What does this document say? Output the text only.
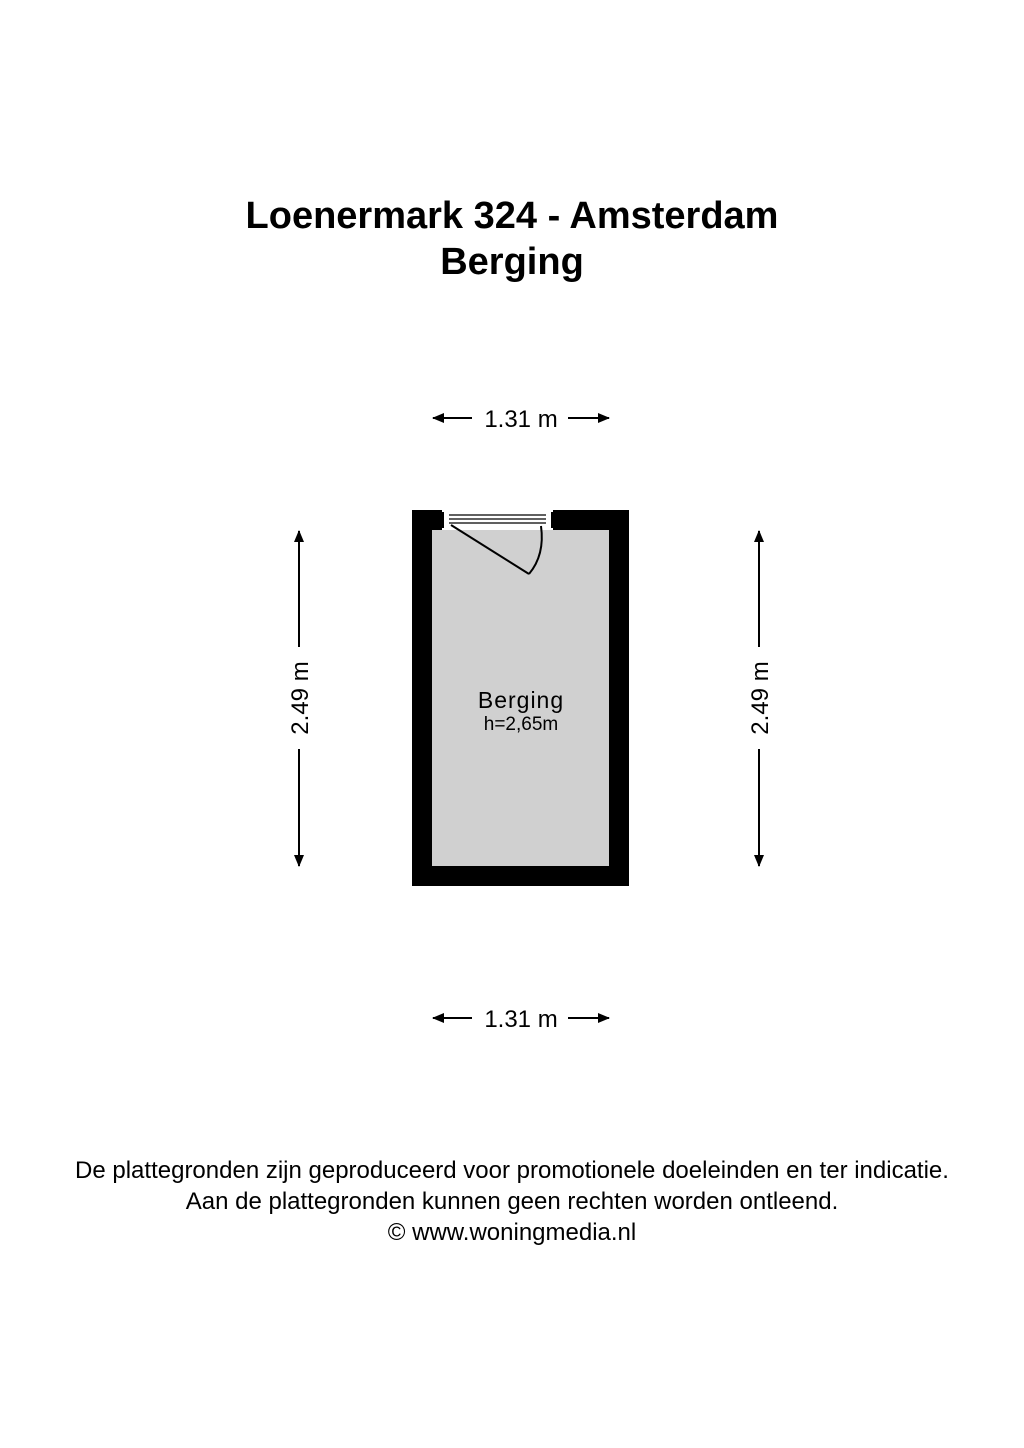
Loenermark 324 - Amsterdam
Berging
1.31 m
2.49 m	2.49 m
Berging
h=2,65m
1.31 m

De plattegronden zijn geproduceerd voor promotionele doeleinden en ter indicatie.

Aan de plattegronden kunnen geen rechten worden ontleend.

© www.woningmedia.nl
